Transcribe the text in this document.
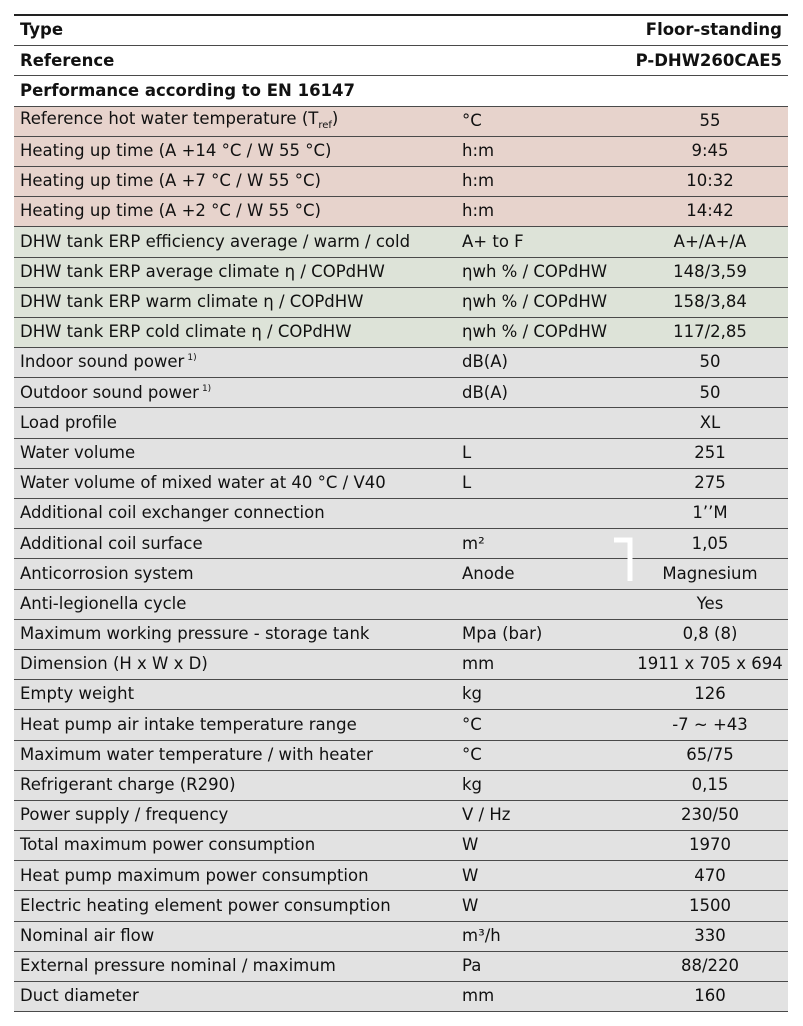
Type		Floor-standing
Reference		P-DHW260CAE5
Performance according to EN 16147		
Reference hot water temperature $(T_{ref})$	°C	55
Heating up time (A +14 °C / W 55 °C)	h:m	9:45
Heating up time (A +7 °C / W 55 °C)	h:m	10:32
Heating up time (A +2 °C / W 55 °C)	h:m	14:42
DHW tank ERP efficiency average / warm / cold	A+ to F	A+/A+/A
DHW tank ERP average climate η / COPdHW	ηwh % / COPdHW	148/3,59
DHW tank ERP warm climate η / COPdHW	ηwh % / COPdHW	158/3,84
DHW tank ERP cold climate η / COPdHW	ηwh % / COPdHW	117/2,85
Indoor sound power $^{1)}$	dB(A)	50
Outdoor sound power $^{1)}$	dB(A)	50
Load profile		XL
Water volume	L	251
Water volume of mixed water at 40 °C / V40	L	275
Additional coil exchanger connection		1’’M
Additional coil surface	m²	1,05
Anticorrosion system	Anode	Magnesium
Anti-legionella cycle		Yes
Maximum working pressure - storage tank	Mpa (bar)	0,8 (8)
Dimension (H x W x D)	mm	1911 x 705 x 694
Empty weight	kg	126
Heat pump air intake temperature range	°C	-7 ~ +43
Maximum water temperature / with heater	°C	65/75
Refrigerant charge (R290)	kg	0,15
Power supply / frequency	V / Hz	230/50
Total maximum power consumption	W	1970
Heat pump maximum power consumption	W	470
Electric heating element power consumption	W	1500
Nominal air flow	m³/h	330
External pressure nominal / maximum	Pa	88/220
Duct diameter	mm	160
